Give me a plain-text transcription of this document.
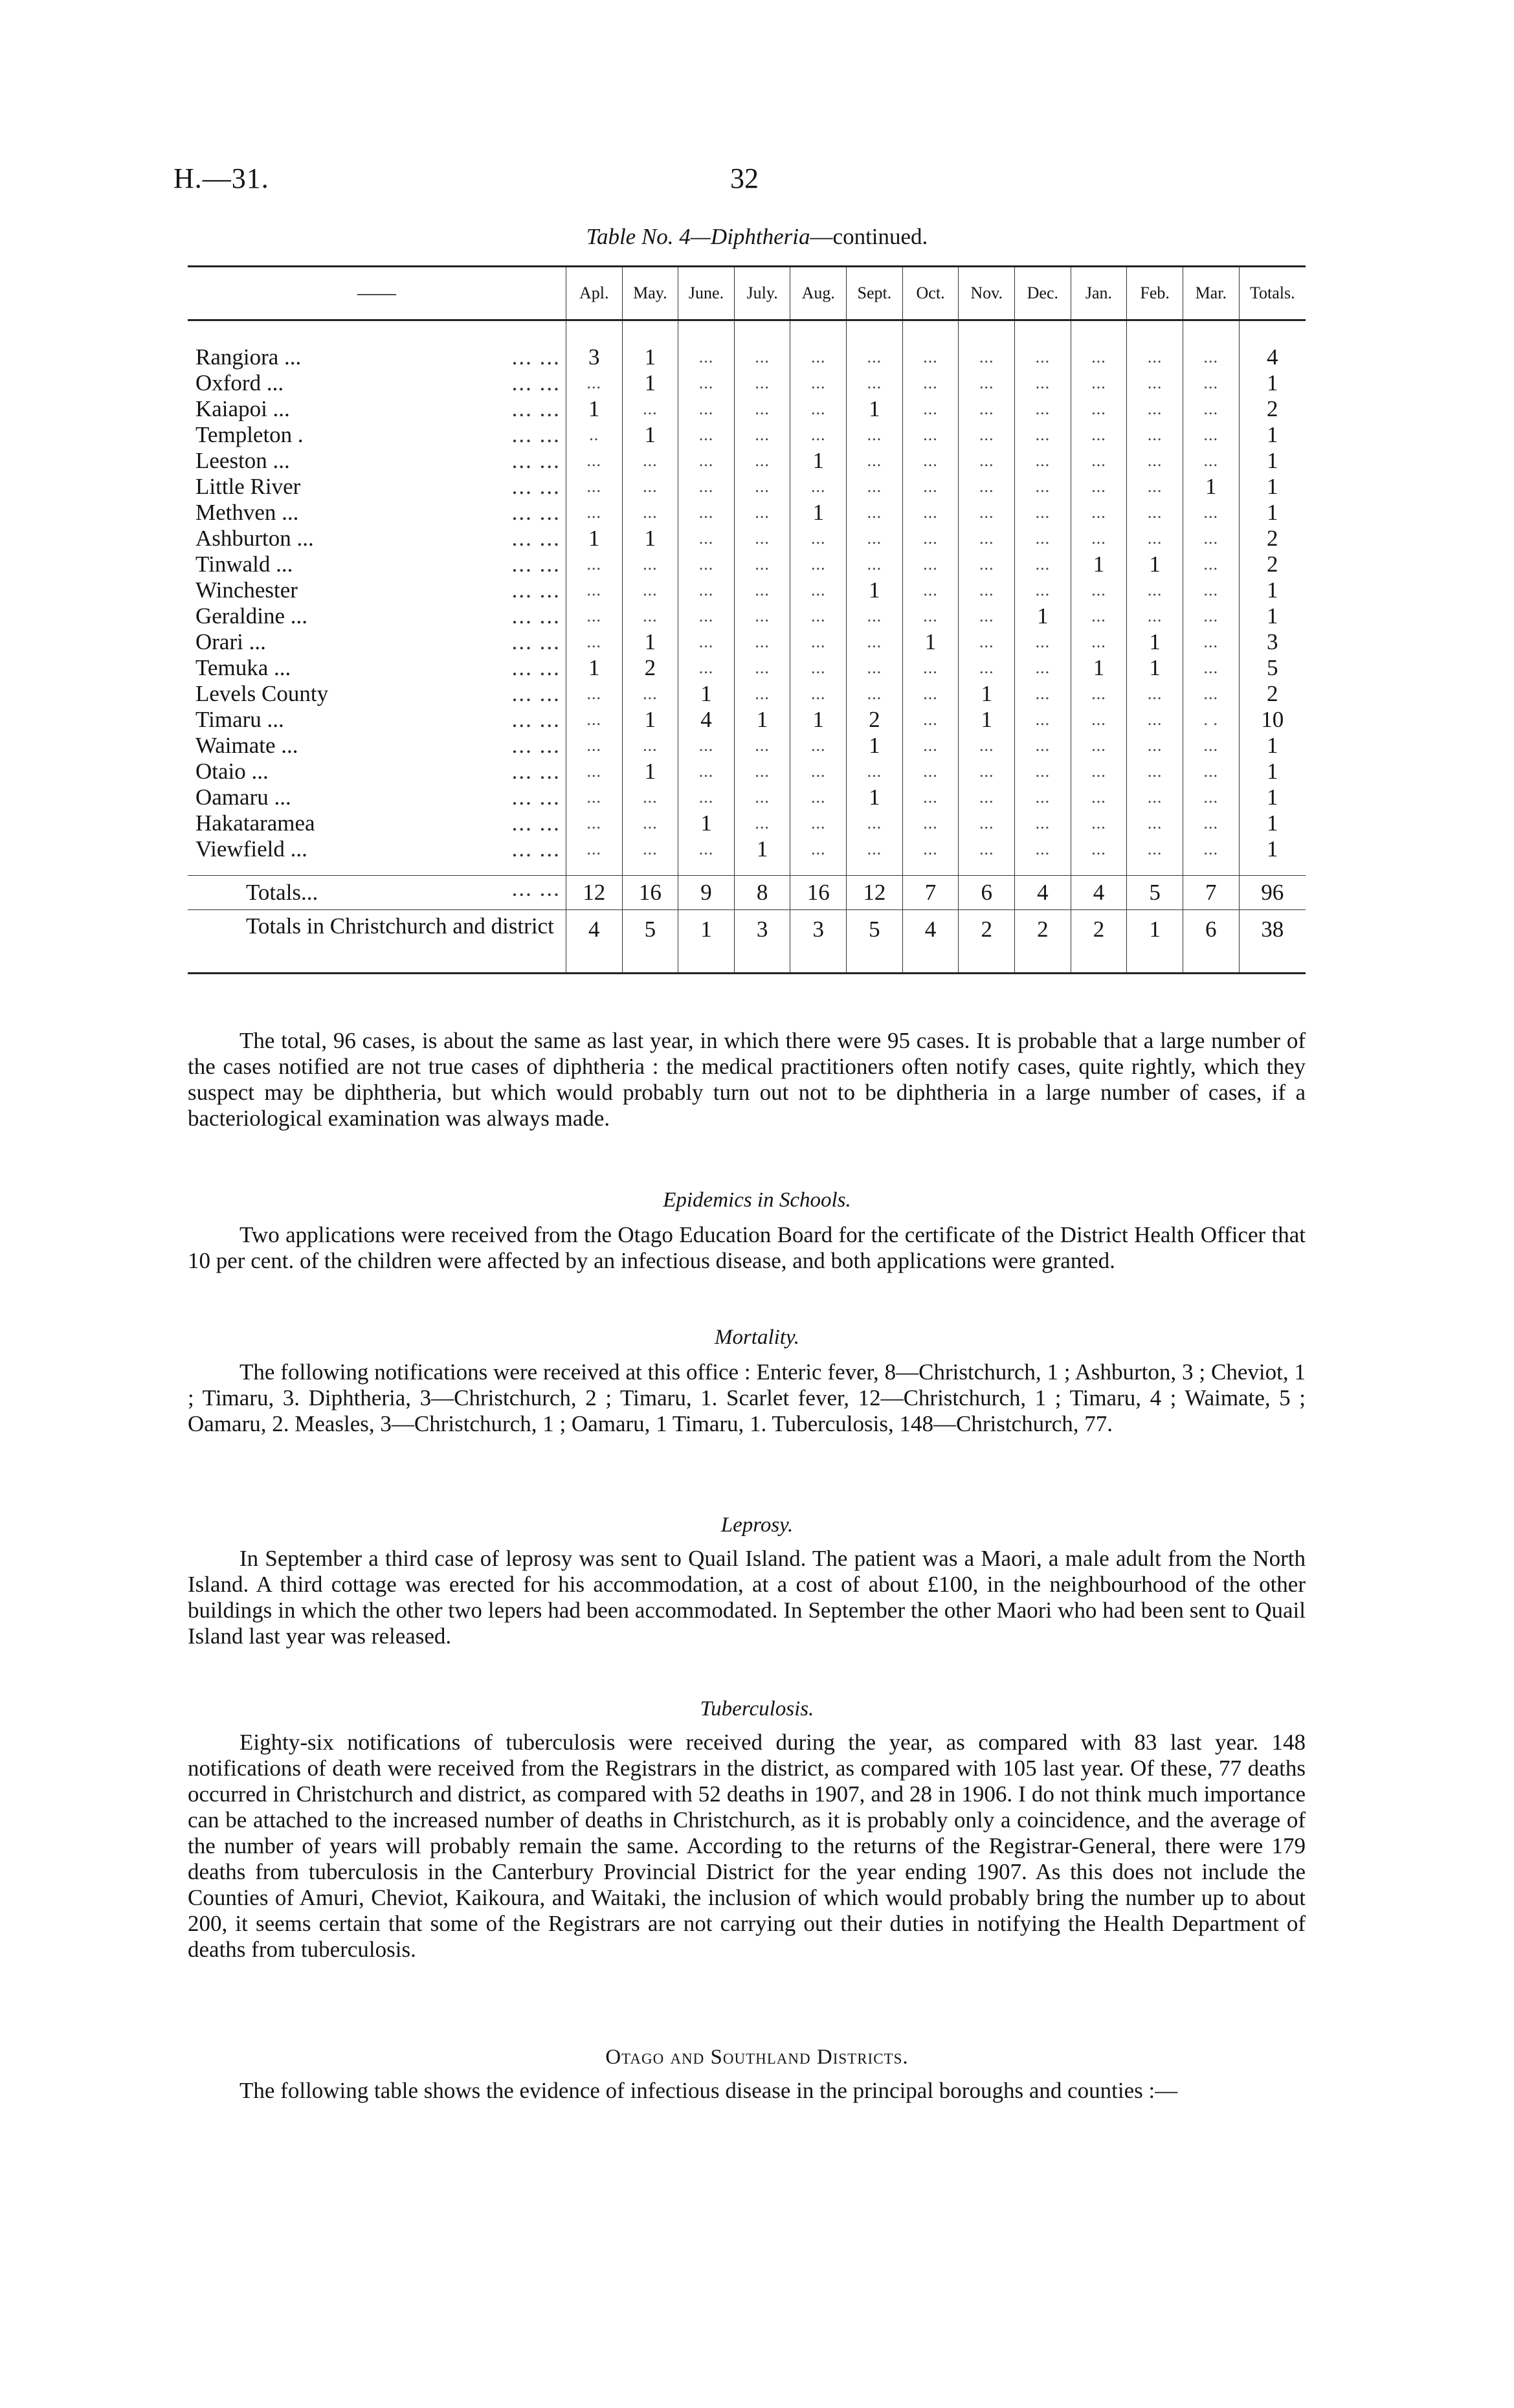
H.—31.	32
Table No. 4—Diphtheria—continued.
——	Apl.	May.	June.	July.	Aug.	Sept.	Oct.	Nov.	Dec.	Jan.	Feb.	Mar.	Totals.

Rangiora ... ... ...	3	1	...	...	...	...	...	...	...	...	...	...	4
Oxford ... ... ...	...	1	...	...	...	...	...	...	...	...	...	...	1
Kaiapoi ... ... ...	1	...	...	...	...	1	...	...	...	...	...	...	2
Templeton . ... ...	..	1	...	...	...	...	...	...	...	...	...	...	1
Leeston ... ... ...	...	...	...	...	1	...	...	...	...	...	...	...	1
Little River ... ...	...	...	...	...	...	...	...	...	...	...	...	1	1
Methven ... ... ...	...	...	...	...	1	...	...	...	...	...	...	...	1
Ashburton ... ... ...	1	1	...	...	...	...	...	...	...	...	...	...	2
Tinwald ... ... ...	...	...	...	...	...	...	...	...	...	1	1	...	2
Winchester ... ...	...	...	...	...	...	1	...	...	...	...	...	...	1
Geraldine ... ... ...	...	...	...	...	...	...	...	...	1	...	...	...	1
Orari ... ... ...	...	1	...	...	...	...	1	...	...	...	1	...	3
Temuka ... ... ...	1	2	...	...	...	...	...	...	...	1	1	...	5
Levels County ... ...	...	...	1	...	...	...	...	1	...	...	...	...	2
Timaru ... ... ...	...	1	4	1	1	2	...	1	...	...	...	. .	10
Waimate ... ... ...	...	...	...	...	...	1	...	...	...	...	...	...	1
Otaio ... ... ...	...	1	...	...	...	...	...	...	...	...	...	...	1
Oamaru ... ... ...	...	...	...	...	...	1	...	...	...	...	...	...	1
Hakataramea ... ...	...	...	1	...	...	...	...	...	...	...	...	...	1
Viewfield ... ... ...	...	...	...	1	...	...	...	...	...	...	...	...	1

Totals... ... ...	12	16	9	8	16	12	7	6	4	4	5	7	96
Totals in Christchurch and district	4	5	1	3	3	5	4	2	2	2	1	6	38

The total, 96 cases, is about the same as last year, in which there were 95 cases. It is probable that a large number of the cases notified are not true cases of diphtheria : the medical practitioners often notify cases, quite rightly, which they suspect may be diphtheria, but which would probably turn out not to be diphtheria in a large number of cases, if a bacteriological examination was always made.

Epidemics in Schools.

Two applications were received from the Otago Education Board for the certificate of the District Health Officer that 10 per cent. of the children were affected by an infectious disease, and both applications were granted.

Mortality.

The following notifications were received at this office : Enteric fever, 8—Christchurch, 1 ; Ashburton, 3 ; Cheviot, 1 ; Timaru, 3. Diphtheria, 3—Christchurch, 2 ; Timaru, 1. Scarlet fever, 12—Christchurch, 1 ; Timaru, 4 ; Waimate, 5 ; Oamaru, 2. Measles, 3—Christchurch, 1 ; Oamaru, 1 Timaru, 1. Tuberculosis, 148—Christchurch, 77.

Leprosy.

In September a third case of leprosy was sent to Quail Island. The patient was a Maori, a male adult from the North Island. A third cottage was erected for his accommodation, at a cost of about £100, in the neighbourhood of the other buildings in which the other two lepers had been accommodated. In September the other Maori who had been sent to Quail Island last year was released.

Tuberculosis.

Eighty-six notifications of tuberculosis were received during the year, as compared with 83 last year. 148 notifications of death were received from the Registrars in the district, as compared with 105 last year. Of these, 77 deaths occurred in Christchurch and district, as compared with 52 deaths in 1907, and 28 in 1906. I do not think much importance can be attached to the increased number of deaths in Christchurch, as it is probably only a coincidence, and the average of the number of years will probably remain the same. According to the returns of the Registrar-General, there were 179 deaths from tuberculosis in the Canterbury Provincial District for the year ending 1907. As this does not include the Counties of Amuri, Cheviot, Kaikoura, and Waitaki, the inclusion of which would probably bring the number up to about 200, it seems certain that some of the Registrars are not carrying out their duties in notifying the Health Department of deaths from tuberculosis.

Otago and Southland Districts.

The following table shows the evidence of infectious disease in the principal boroughs and counties :—
